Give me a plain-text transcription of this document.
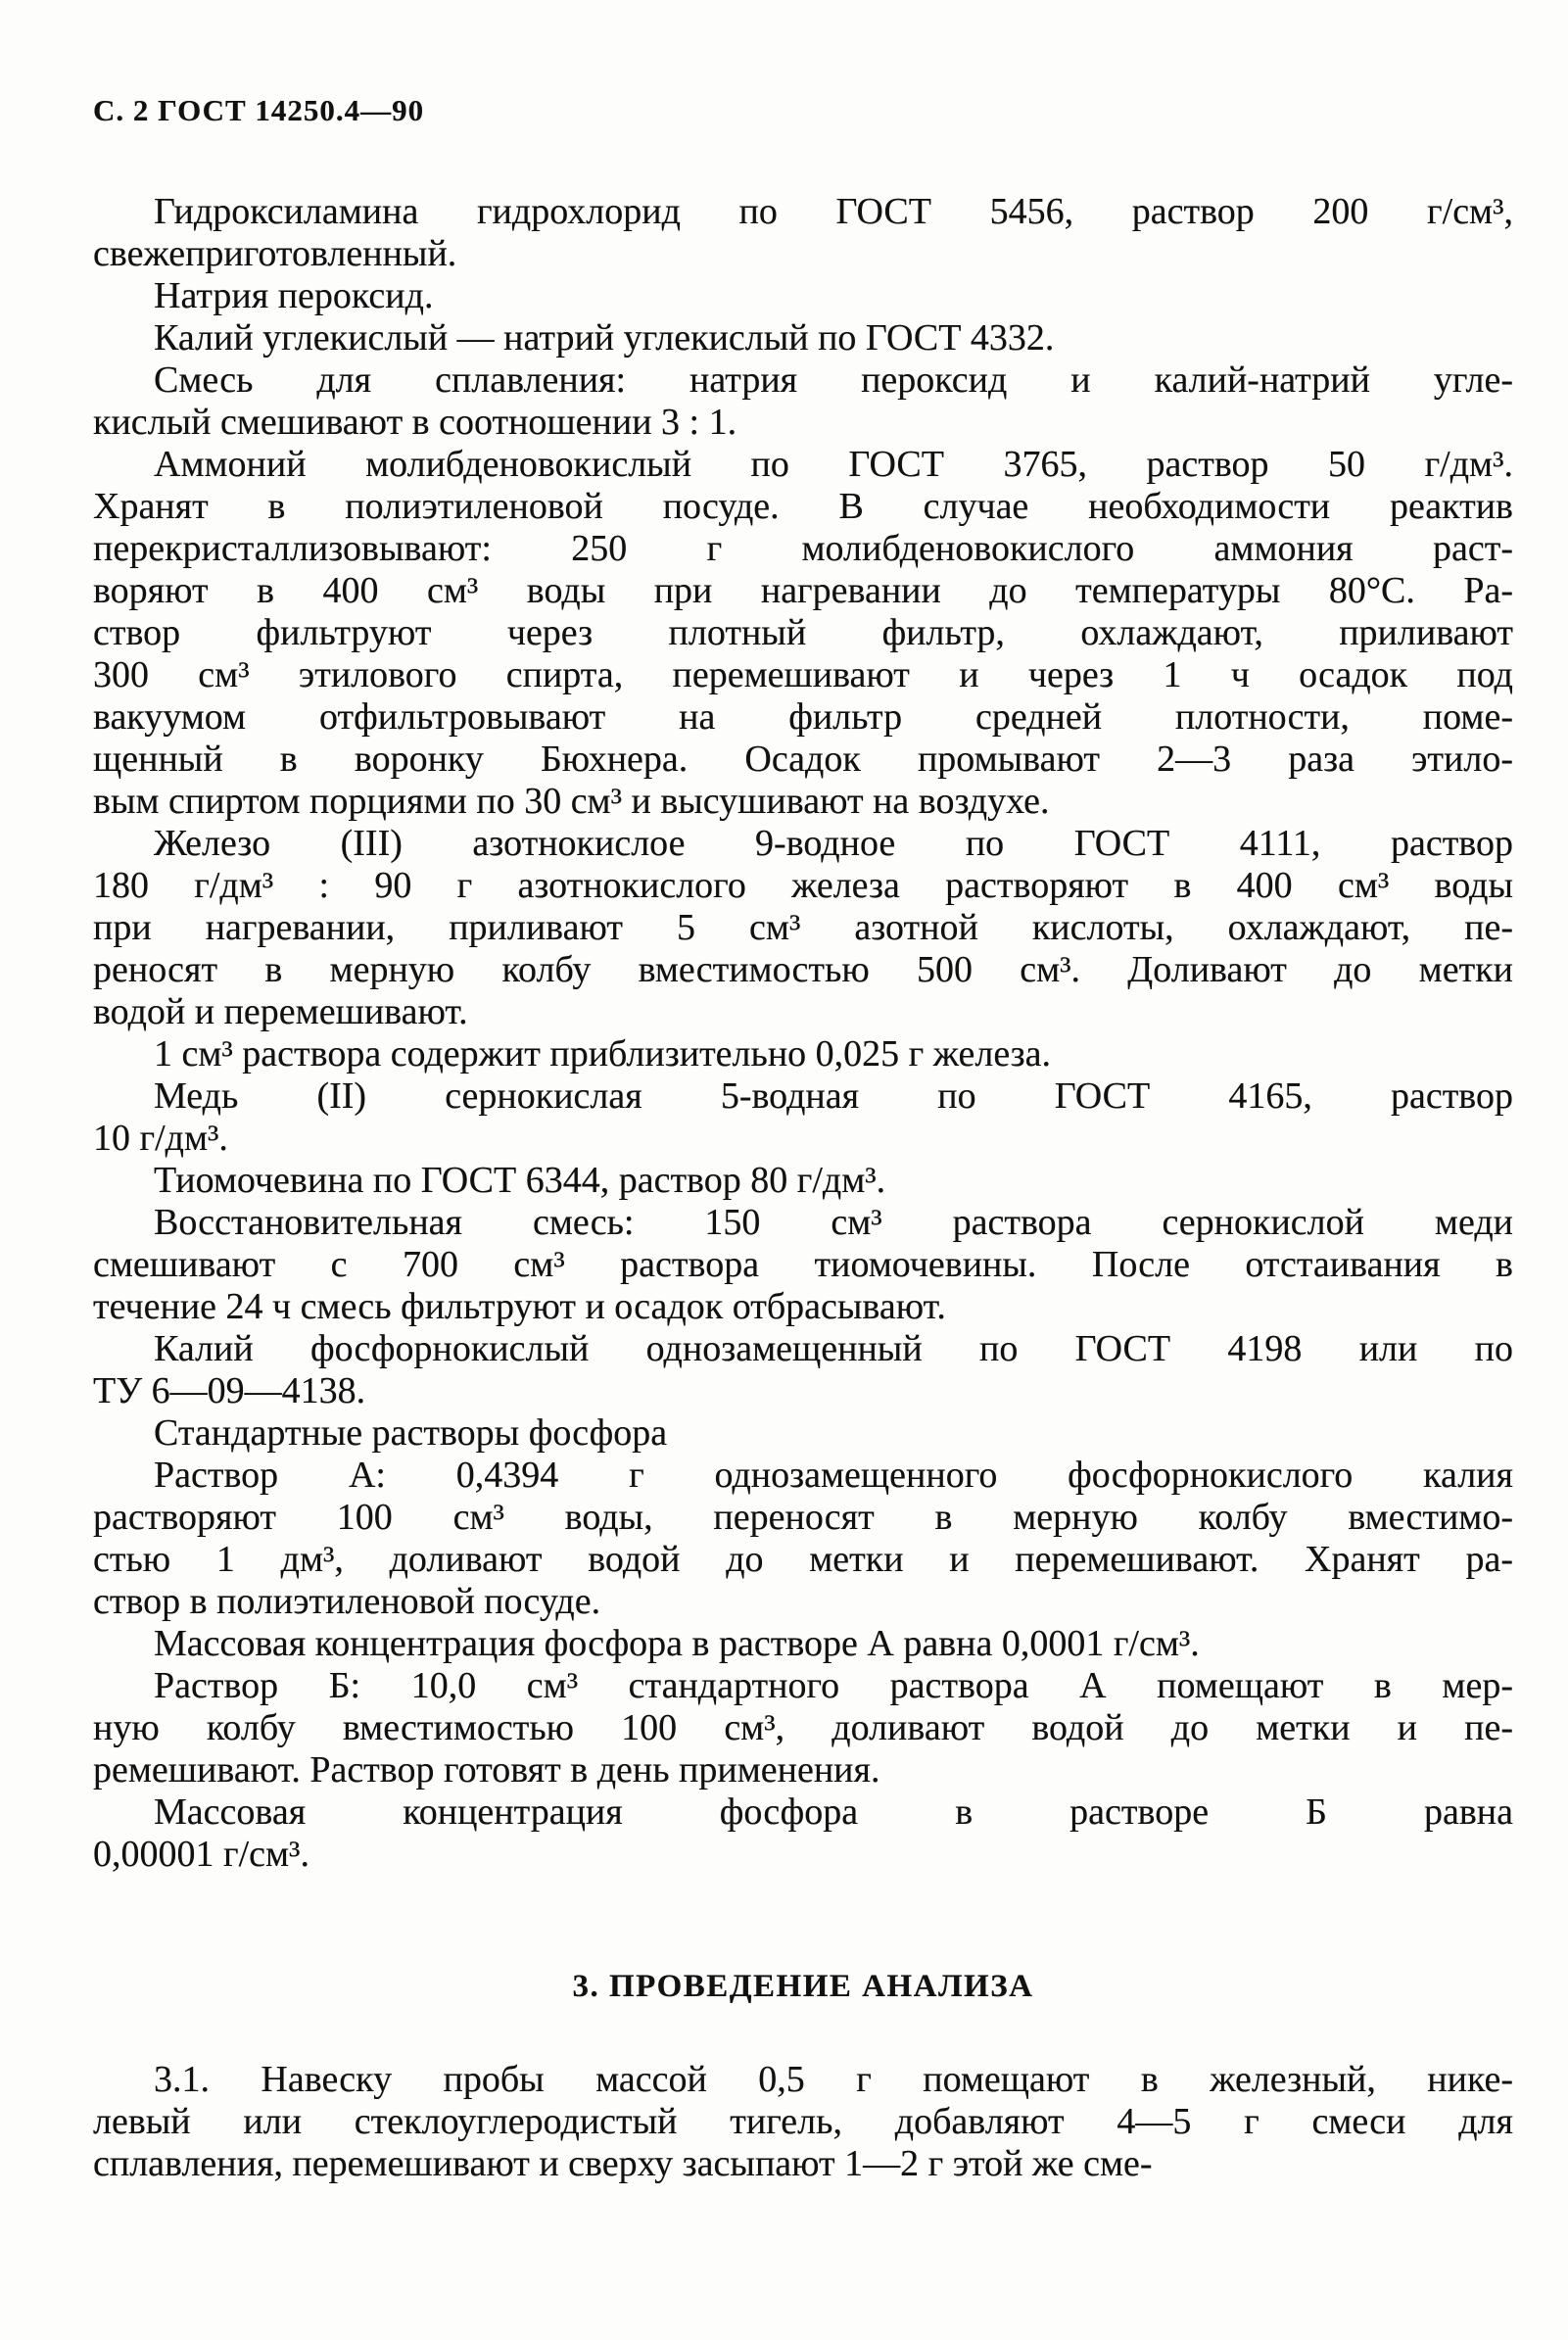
С. 2 ГОСТ 14250.4—90
Гидроксиламина гидрохлорид по ГОСТ 5456, раствор 200 г/см³,
свежеприготовленный.
Натрия пероксид.
Калий углекислый — натрий углекислый по ГОСТ 4332.
Смесь для сплавления: натрия пероксид и калий-натрий угле-
кислый смешивают в соотношении 3 : 1.
Аммоний молибденовокислый по ГОСТ 3765, раствор 50 г/дм³.
Хранят в полиэтиленовой посуде. В случае необходимости реактив
перекристаллизовывают: 250 г молибденовокислого аммония раст-
воряют в 400 см³ воды при нагревании до температуры 80°С. Ра-
створ фильтруют через плотный фильтр, охлаждают, приливают
300 см³ этилового спирта, перемешивают и через 1 ч осадок под
вакуумом отфильтровывают на фильтр средней плотности, поме-
щенный в воронку Бюхнера. Осадок промывают 2—3 раза этило-
вым спиртом порциями по 30 см³ и высушивают на воздухе.
Железо (III) азотнокислое 9-водное по ГОСТ 4111, раствор
180 г/дм³ : 90 г азотнокислого железа растворяют в 400 см³ воды
при нагревании, приливают 5 см³ азотной кислоты, охлаждают, пе-
реносят в мерную колбу вместимостью 500 см³. Доливают до метки
водой и перемешивают.
1 см³ раствора содержит приблизительно 0,025 г железа.
Медь (II) сернокислая 5-водная по ГОСТ 4165, раствор
10 г/дм³.
Тиомочевина по ГОСТ 6344, раствор 80 г/дм³.
Восстановительная смесь: 150 см³ раствора сернокислой меди
смешивают с 700 см³ раствора тиомочевины. После отстаивания в
течение 24 ч смесь фильтруют и осадок отбрасывают.
Калий фосфорнокислый однозамещенный по ГОСТ 4198 или по
ТУ 6—09—4138.
Стандартные растворы фосфора
Раствор А: 0,4394 г однозамещенного фосфорнокислого калия
растворяют 100 см³ воды, переносят в мерную колбу вместимо-
стью 1 дм³, доливают водой до метки и перемешивают. Хранят ра-
створ в полиэтиленовой посуде.
Массовая концентрация фосфора в растворе А равна 0,0001 г/см³.
Раствор Б: 10,0 см³ стандартного раствора А помещают в мер-
ную колбу вместимостью 100 см³, доливают водой до метки и пе-
ремешивают. Раствор готовят в день применения.
Массовая концентрация фосфора в растворе Б равна
0,00001 г/см³.
3. ПРОВЕДЕНИЕ АНАЛИЗА
3.1. Навеску пробы массой 0,5 г помещают в железный, нике-
левый или стеклоуглеродистый тигель, добавляют 4—5 г смеси для
сплавления, перемешивают и сверху засыпают 1—2 г этой же сме-
